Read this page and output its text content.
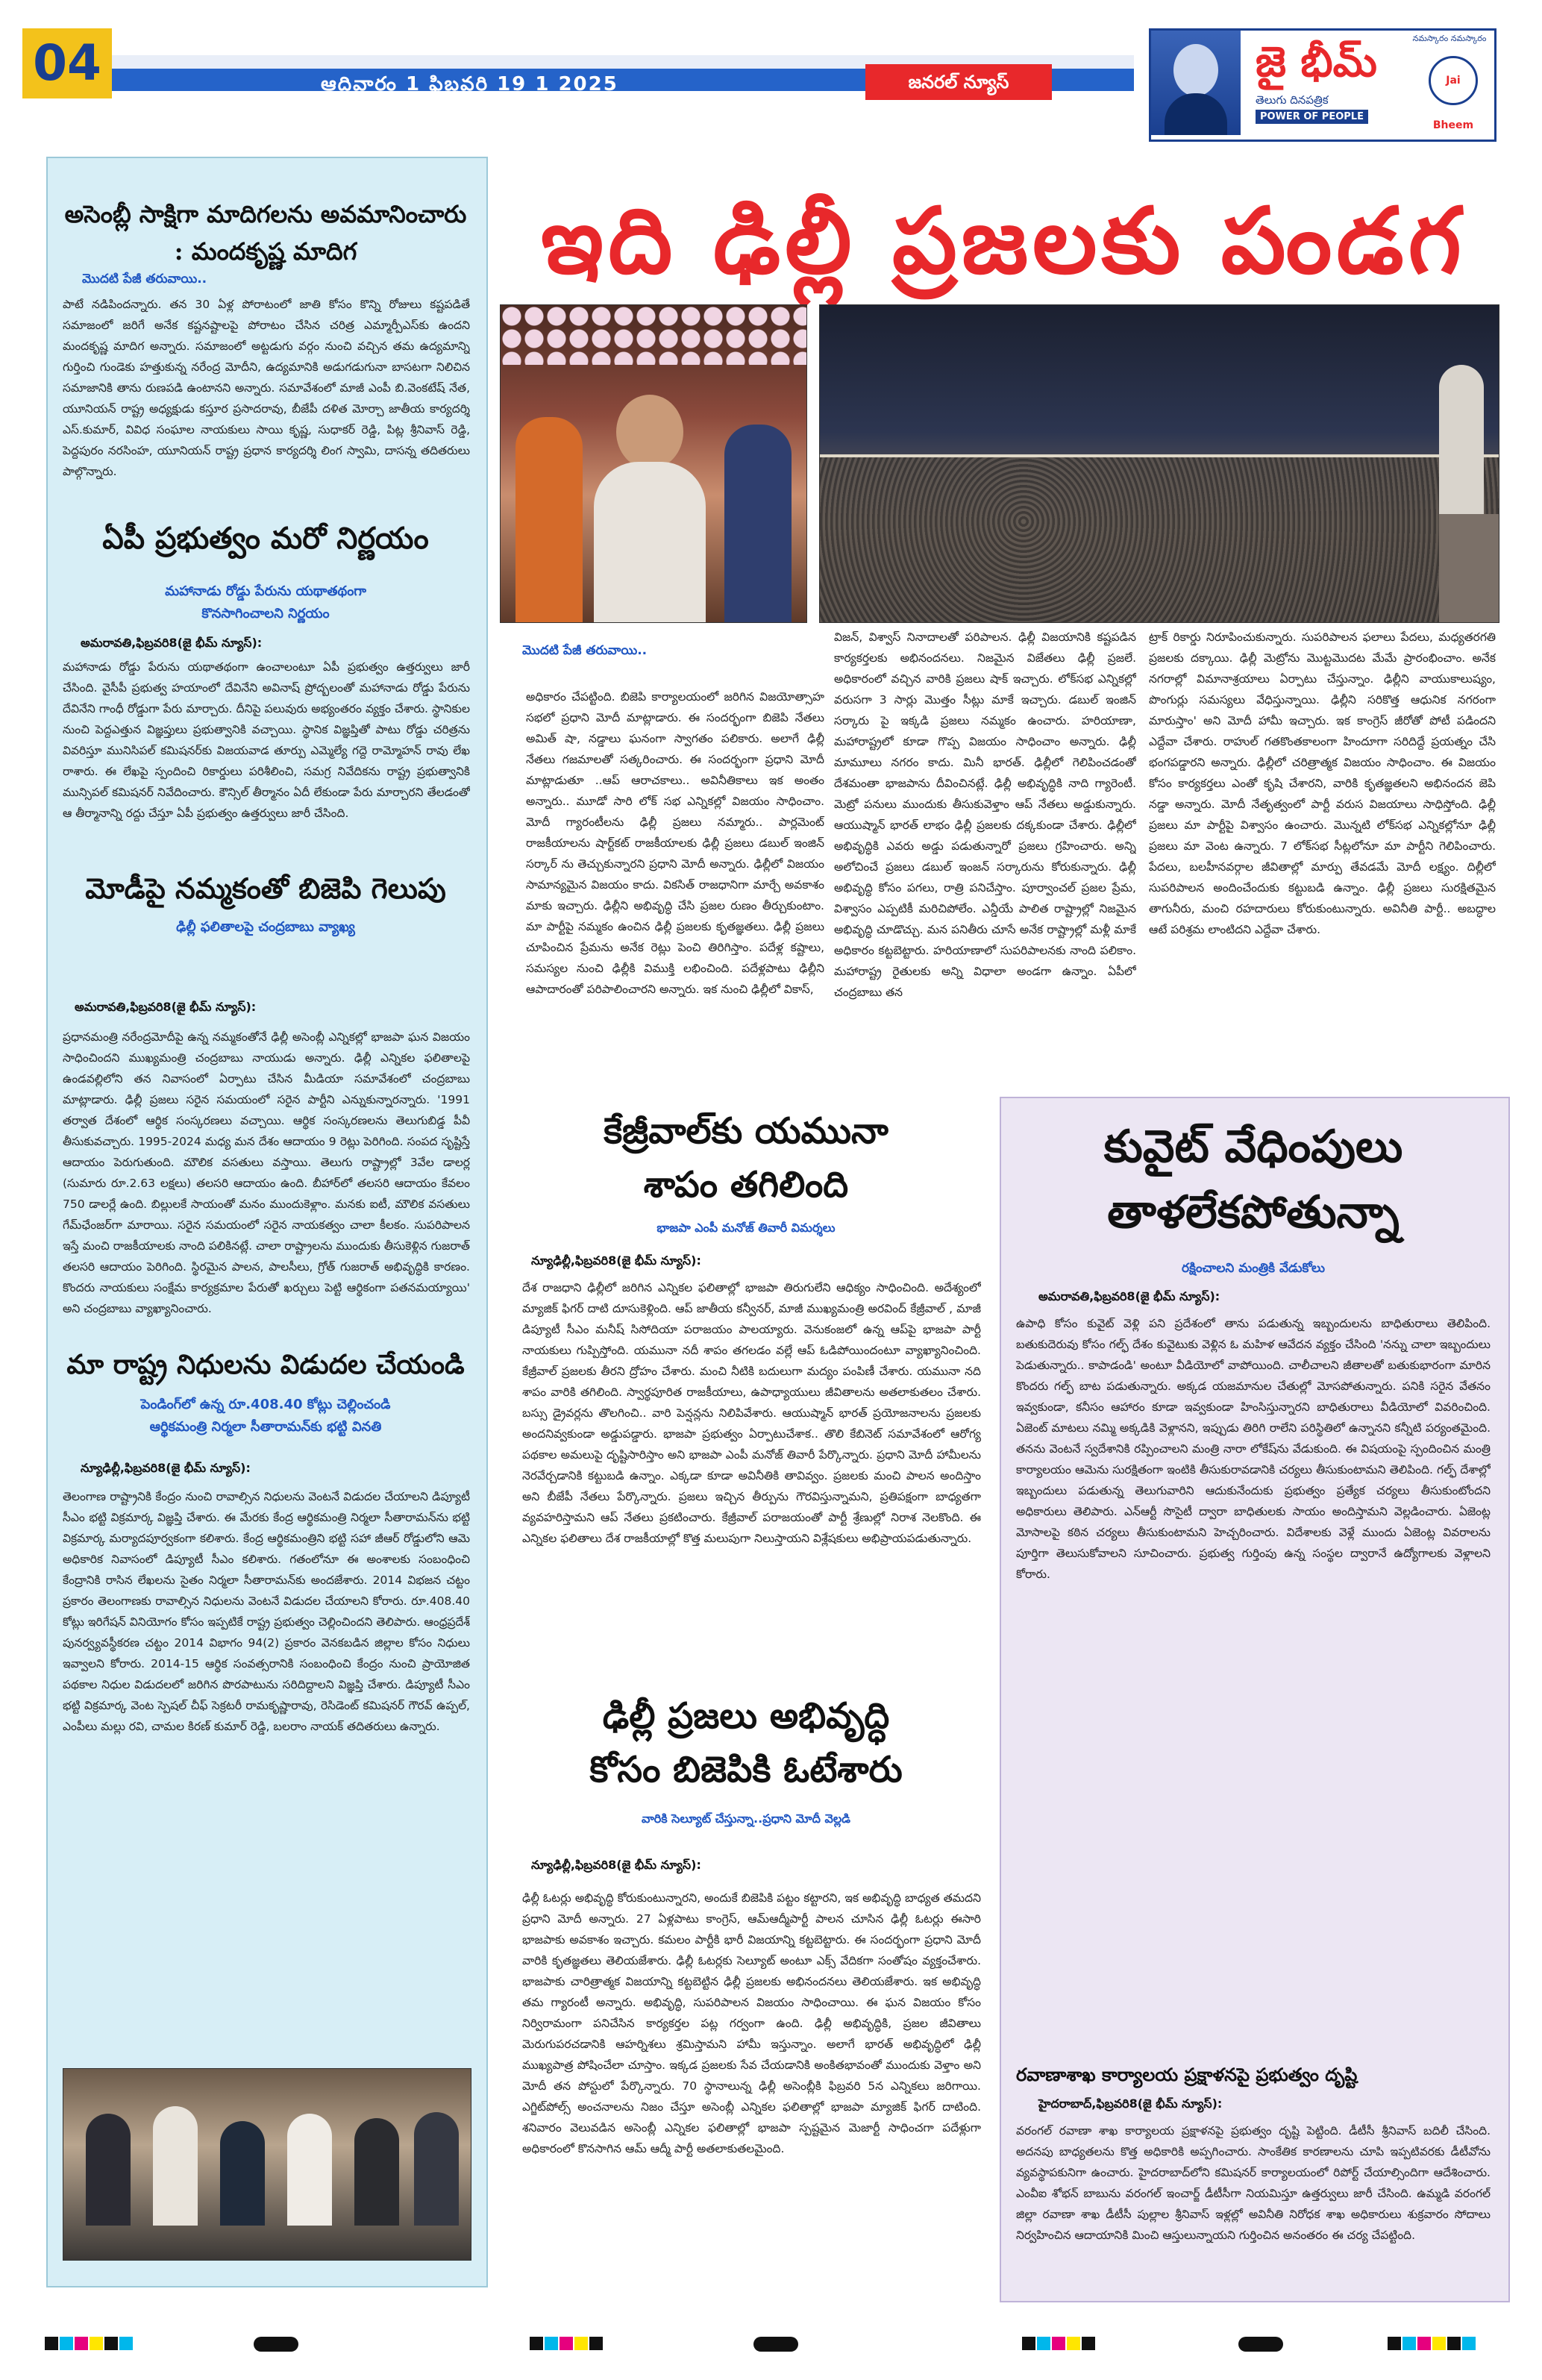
04	ఆదివారం 1 ఫిబ్రవరి 19 1 2025	జనరల్ న్యూస్	జై భీమ్
తెలుగు దినపత్రిక
POWER OF PEOPLE
నమస్కారం నమస్కారం
Jai Bheem
అసెంబ్లీ సాక్షిగా మాదిగలను అవమానించారు : మందకృష్ణ మాదిగ
మొదటి పేజీ తరువాయి..
పాటే నడిపిందన్నారు. తన 30 ఏళ్ల పోరాటంలో జాతి కోసం కొన్ని రోజులు కష్టపడితే సమాజంలో జరిగే అనేక కష్టనష్టాలపై పోరాటం చేసిన చరిత్ర ఎమ్మార్పీఎస్‌కు ఉందని మందకృష్ణ మాదిగ అన్నారు. సమాజంలో అట్టడుగు వర్గం నుంచి వచ్చిన తమ ఉద్యమాన్ని గుర్తించి గుండెకు హత్తుకున్న నరేంద్ర మోదీని, ఉద్యమానికి అడుగడుగునా బాసటగా నిలిచిన సమాజానికి తాను రుణపడి ఉంటానని అన్నారు. సమావేశంలో మాజీ ఎంపీ బి.వెంకటేష్ నేత, యూనియన్ రాష్ట్ర అధ్యక్షుడు కస్తూర ప్రసాదరావు, బీజేపీ దళిత మోర్చా జాతీయ కార్యదర్శి ఎస్.కుమార్, వివిధ సంఘాల నాయకులు సాయి కృష్ణ, సుధాకర్ రెడ్డి, పిట్ల శ్రీనివాస్ రెడ్డి, పెద్దపురం నరసింహ, యూనియన్ రాష్ట్ర ప్రధాన కార్యదర్శి లింగ స్వామి, దాసన్న తదితరులు పాల్గొన్నారు.
ఏపీ ప్రభుత్వం మరో నిర్ణయం
మహానాడు రోడ్డు పేరును యథాతథంగా
కొనసాగించాలని నిర్ణయం
అమరావతి,ఫిబ్రవరి8(జై భీమ్ న్యూస్):
మహానాడు రోడ్డు పేరును యథాతథంగా ఉంచాలంటూ ఏపీ ప్రభుత్వం ఉత్తర్వులు జారీ చేసింది. వైసీపీ ప్రభుత్వ హయాంలో దేవినేని అవినాష్ ప్రోద్బలంతో మహానాడు రోడ్డు పేరును దేవినేని గాంధీ రోడ్డుగా పేరు మార్చారు. దీనిపై పలువురు అభ్యంతరం వ్యక్తం చేశారు. స్థానికుల నుంచి పెద్దఎత్తున విజ్ఞప్తులు ప్రభుత్వానికి వచ్చాయి. స్థానిక విజ్ఞప్తితో పాటు రోడ్డు చరిత్రను వివరిస్తూ మునిసిపల్ కమిషనర్‌కు విజయవాడ తూర్పు ఎమ్మెల్యే గద్దె రామ్మోహన్ రావు లేఖ రాశారు. ఈ లేఖపై స్పందించి రికార్డులు పరిశీలించి, సమగ్ర నివేదికను రాష్ట్ర ప్రభుత్వానికి మున్సిపల్ కమిషనర్ నివేదించారు. కౌన్సిల్ తీర్మానం ఏదీ లేకుండా పేరు మార్చారని తేలడంతో ఆ తీర్మానాన్ని రద్దు చేస్తూ ఏపీ ప్రభుత్వం ఉత్తర్వులు జారీ చేసింది.
మోడీపై నమ్మకంతో బిజెపి గెలుపు
ఢిల్లీ ఫలితాలపై చంద్రబాబు వ్యాఖ్య
అమరావతి,ఫిబ్రవరి8(జై భీమ్ న్యూస్):
ప్రధానమంత్రి నరేంద్రమోదీపై ఉన్న నమ్మకంతోనే ఢిల్లీ అసెంబ్లీ ఎన్నికల్లో భాజపా ఘన విజయం సాధించిందని ముఖ్యమంత్రి చంద్రబాబు నాయుడు అన్నారు. ఢిల్లీ ఎన్నికల ఫలితాలపై ఉండవల్లిలోని తన నివాసంలో ఏర్పాటు చేసిన మీడియా సమావేశంలో చంద్రబాబు మాట్లాడారు. ఢిల్లీ ప్రజలు సరైన సమయంలో సరైన పార్టీని ఎన్నుకున్నారన్నారు. '1991 తర్వాత దేశంలో ఆర్థిక సంస్కరణలు వచ్చాయి. ఆర్థిక సంస్కరణలను తెలుగుబిడ్డ పీవీ తీసుకువచ్చారు. 1995-2024 మధ్య మన దేశం ఆదాయం 9 రెట్లు పెరిగింది. సంపద సృష్టిస్తే ఆదాయం పెరుగుతుంది. మౌలిక వసతులు వస్తాయి. తెలుగు రాష్ట్రాల్లో 3వేల డాలర్ల (సుమారు రూ.2.63 లక్షలు) తలసరి ఆదాయం ఉంది. బీహార్‌లో తలసరి ఆదాయం కేవలం 750 డాలర్లే ఉంది. బిల్లులకే సాయంతో మనం ముందుకెళ్లాం. మనకు ఐటీ, మౌలిక వసతులు గేమ్‌ఛేంజర్‌గా మారాయి. సరైన సమయంలో సరైన నాయకత్వం చాలా కీలకం. సుపరిపాలన ఇస్తే మంచి రాజకీయాలకు నాంది పలికినట్లే. చాలా రాష్ట్రాలను ముందుకు తీసుకెళ్లిన గుజరాత్ తలసరి ఆదాయం పెరిగింది. స్థిరమైన పాలన, పాలసీలు, గ్రోత్ గుజరాత్ అభివృద్ధికి కారణం. కొందరు నాయకులు సంక్షేమ కార్యక్రమాల పేరుతో ఖర్చులు పెట్టి ఆర్థికంగా పతనమయ్యాయి' అని చంద్రబాబు వ్యాఖ్యానించారు.
మా రాష్ట్ర నిధులను విడుదల చేయండి
పెండింగ్‌లో ఉన్న రూ.408.40 కోట్లు చెల్లించండి
ఆర్థికమంత్రి నిర్మలా సీతారామన్‌కు భట్టి వినతి
న్యూఢిల్లీ,ఫిబ్రవరి8(జై భీమ్ న్యూస్):
తెలంగాణ రాష్ట్రానికి కేంద్రం నుంచి రావాల్సిన నిధులను వెంటనే విడుదల చేయాలని డిప్యూటీ సీఎం భట్టి విక్రమార్క విజ్ఞప్తి చేశారు. ఈ మేరకు కేంద్ర ఆర్థికమంత్రి నిర్మలా సీతారామన్‌ను భట్టి విక్రమార్క మర్యాదపూర్వకంగా కలిశారు. కేంద్ర ఆర్థికమంత్రిని భట్టి సహా జీఆర్ రోడ్డులోని ఆమె అధికారిక నివాసంలో డిప్యూటీ సీఎం కలిశారు. గతంలోనూ ఈ అంశాలకు సంబంధించి కేంద్రానికి రాసిన లేఖలను సైతం నిర్మలా సీతారామన్‌కు అందజేశారు. 2014 విభజన చట్టం ప్రకారం తెలంగాణకు రావాల్సిన నిధులను వెంటనే విడుదల చేయాలని కోరారు. రూ.408.40 కోట్లు ఇరిగేషన్ వినియోగం కోసం ఇప్పటికే రాష్ట్ర ప్రభుత్వం చెల్లించిందని తెలిపారు. ఆంధ్రప్రదేశ్ పునర్వ్యవస్థీకరణ చట్టం 2014 విభాగం 94(2) ప్రకారం వెనకబడిన జిల్లాల కోసం నిధులు ఇవ్వాలని కోరారు. 2014-15 ఆర్థిక సంవత్సరానికి సంబంధించి కేంద్రం నుంచి ప్రాయోజిత పథకాల నిధుల విడుదలలో జరిగిన పొరపాటును సరిదిద్దాలని విజ్ఞప్తి చేశారు. డిప్యూటీ సీఎం భట్టి విక్రమార్క వెంట స్పెషల్ చీఫ్ సెక్రటరీ రామకృష్ణారావు, రెసిడెంట్ కమిషనర్ గౌరవ్ ఉప్పల్, ఎంపీలు మల్లు రవి, చామల కిరణ్ కుమార్ రెడ్డి, బలరాం నాయక్ తదితరులు ఉన్నారు.
ఇది ఢిల్లీ ప్రజలకు పండగ
మొదటి పేజీ తరువాయి..
అధికారం చేపట్టింది. బిజెపి కార్యాలయంలో జరిగిన విజయోత్సాహ సభలో ప్రధాని మోదీ మాట్లాడారు. ఈ సందర్భంగా బిజెపి నేతలు అమిత్ షా, నడ్డాలు ఘనంగా స్వాగతం పలికారు. అలాగే ఢిల్లీ నేతలు గజమాలతో సత్కరించారు. ఈ సందర్భంగా ప్రధాని మోదీ మాట్లాడుతూ ..ఆప్ ఆరాచకాలు.. అవినీతికాలు ఇక అంతం అన్నారు.. మూడో సారి లోక్ సభ ఎన్నికల్లో విజయం సాధించాం. మోదీ గ్యారంటీలను ఢిల్లీ ప్రజలు నమ్మారు.. పార్లమెంట్ రాజకీయాలను షార్ట్‌కట్ రాజకీయాలకు ఢిల్లీ ప్రజలు డబుల్ ఇంజిన్ సర్కార్ ను తెచ్చుకున్నారని ప్రధాని మోదీ అన్నారు. ఢిల్లీలో విజయం సామాన్యమైన విజయం కాదు. వికసిత్ రాజధానిగా మార్చే అవకాశం మాకు ఇచ్చారు. ఢిల్లీని అభివృద్ధి చేసి ప్రజల రుణం తీర్చుకుంటాం. మా పార్టీపై నమ్మకం ఉంచిన ఢిల్లీ ప్రజలకు కృతజ్ఞతలు. ఢిల్లీ ప్రజలు చూపించిన ప్రేమను అనేక రెట్లు పెంచి తిరిగిస్తాం. పదేళ్ల కష్టాలు, సమస్యల నుంచి ఢిల్లీకి విముక్తి లభించింది. పదేళ్లపాటు ఢిల్లీని ఆపాదారంతో పరిపాలించారని అన్నారు. ఇక నుంచి ఢిల్లీలో వికాస్,
విజన్, విశ్వాస్ నినాదాలతో పరిపాలన. ఢిల్లీ విజయానికి కష్టపడిన కార్యకర్తలకు అభినందనలు. నిజమైన విజేతలు ఢిల్లీ ప్రజలే. అధికారంలో వచ్చిన వారికి ప్రజలు షాక్ ఇచ్చారు. లోక్‌సభ ఎన్నికల్లో వరుసగా 3 సార్లు మొత్తం సీట్లు మాకే ఇచ్చారు. డబుల్ ఇంజిన్ సర్కారు పై ఇక్కడి ప్రజలు నమ్మకం ఉంచారు. హరియాణా, మహారాష్ట్రలో కూడా గొప్ప విజయం సాధించాం అన్నారు. ఢిల్లీ మామూలు నగరం కాదు. మినీ భారత్. ఢిల్లీలో గెలిపించడంతో దేశమంతా భాజపాను దీవించినట్లే. ఢిల్లీ అభివృద్ధికి నాది గ్యారెంటీ. మెట్రో పనులు ముందుకు తీసుకువెళ్తాం ఆప్ నేతలు అడ్డుకున్నారు. ఆయుష్మాన్ భారత్ లాభం ఢిల్లీ ప్రజలకు దక్కకుండా చేశారు. ఢిల్లీలో అభివృద్ధికి ఎవరు అడ్డు పడుతున్నారో ప్రజలు గ్రహించారు. అన్ని అలోచించే ప్రజలు డబుల్ ఇంజన్ సర్కారును కోరుకున్నారు. ఢిల్లీ అభివృద్ధి కోసం పగలు, రాత్రి పనిచేస్తాం. పూర్వాంచల్ ప్రజల ప్రేమ, విశ్వాసం ఎప్పటికీ మరిచిపోలేం. ఎన్డీయే పాలిత రాష్ట్రాల్లో నిజమైన అభివృద్ధి చూడొచ్చు. మన పనితీరు చూసే అనేక రాష్ట్రాల్లో మళ్లీ మాకే అధికారం కట్టబెట్టారు. హరియాణాలో సుపరిపాలనకు నాంది పలికాం. మహారాష్ట్ర రైతులకు అన్ని విధాలా అండగా ఉన్నాం. ఏపీలో చంద్రబాబు తన
ట్రాక్ రికార్డు నిరూపించుకున్నారు. సుపరిపాలన ఫలాలు పేదలు, మధ్యతరగతి ప్రజలకు దక్కాయి. ఢిల్లీ మెట్రోను మొట్టమొదట మేమే ప్రారంభించాం. అనేక నగరాల్లో విమానాశ్రయాలు ఏర్పాటు చేస్తున్నాం. ఢిల్లీని వాయుకాలుష్యం, పొంగుర్లు సమస్యలు వేధిస్తున్నాయి. ఢిల్లీని సరికొత్త ఆధునిక నగరంగా మారుస్తాం' అని మోదీ హామీ ఇచ్చారు. ఇక కాంగ్రెస్ జీరోతో పోటీ పడిందని ఎద్దేవా చేశారు. రాహుల్ గతకొంతకాలంగా హిందూగా సరిదిద్దే ప్రయత్నం చేసి భంగపడ్డారని అన్నారు. ఢిల్లీలో చరిత్రాత్మక విజయం సాధించాం. ఈ విజయం కోసం కార్యకర్తలు ఎంతో కృషి చేశారని, వారికి కృతజ్ఞతలని అభినందన జెపి నడ్డా అన్నారు. మోదీ నేతృత్వంలో పార్టీ వరుస విజయాలు సాధిస్తోంది. ఢిల్లీ ప్రజలు మా పార్టీపై విశ్వాసం ఉంచారు. మొన్నటి లోక్‌సభ ఎన్నికల్లోనూ ఢిల్లీ ప్రజలు మా వెంట ఉన్నారు. 7 లోక్‌సభ సీట్లలోనూ మా పార్టీని గెలిపించారు. పేదలు, బలహీనవర్గాల జీవితాల్లో మార్పు తేవడమే మోదీ లక్ష్యం. దిల్లీలో సుపరిపాలన అందించేందుకు కట్టుబడి ఉన్నాం. ఢిల్లీ ప్రజలు సురక్షితమైన తాగునీరు, మంచి రహదారులు కోరుకుంటున్నారు. అవినీతి పార్టీ.. అబద్ధాల ఆటే పరిశ్రమ లాంటిదని ఎద్దేవా చేశారు.
కేజ్రీవాల్‌కు యమునా
శాపం తగిలింది
భాజపా ఎంపీ మనోజ్ తివారీ విమర్శలు
న్యూఢిల్లీ,ఫిబ్రవరి8(జై భీమ్ న్యూస్):
దేశ రాజధాని ఢిల్లీలో జరిగిన ఎన్నికల ఫలితాల్లో భాజపా తిరుగులేని ఆధిక్యం సాధించింది. అదేశ్యంలో మ్యాజిక్ ఫిగర్ దాటి దూసుకెళ్లింది. ఆప్ జాతీయ కన్వీనర్, మాజీ ముఖ్యమంత్రి అరవింద్ కేజ్రీవాల్ , మాజీ డిప్యూటీ సీఎం మనీష్ సిసోదియా పరాజయం పాలయ్యారు. వెనుకంజలో ఉన్న ఆప్‌పై భాజపా పార్టీ నాయకులు గుప్పిస్తోంది. యమునా నదీ శాపం తగలడం వల్లే ఆప్ ఓడిపోయిందంటూ వ్యాఖ్యానించింది. కేజ్రీవాల్ ప్రజలకు తీరని ద్రోహం చేశారు. మంచి నీటికి బదులుగా మద్యం పంపిణీ చేశారు. యమునా నది శాపం వారికి తగిలింది. స్వార్థపూరిత రాజకీయాలు, ఉపాధ్యాయులు జీవితాలను అతలాకుతలం చేశారు. బస్సు డ్రైవర్లను తొలగించి.. వారి పెన్షన్లను నిలిపివేశారు. ఆయుష్మాన్ భారత్ ప్రయోజనాలను ప్రజలకు అందనివ్వకుండా అడ్డుపడ్డారు. భాజపా ప్రభుత్వం ఏర్పాటుచేశాక.. తొలి కేబినెట్ సమావేశంలో ఆరోగ్య పథకాల అమలుపై దృష్టిసారిస్తాం అని భాజపా ఎంపీ మనోజ్ తివారీ పేర్కొన్నారు. ప్రధాని మోదీ హామీలను నెరవేర్చడానికి కట్టుబడి ఉన్నాం. ఎక్కడా కూడా అవినీతికి తావివ్వం. ప్రజలకు మంచి పాలన అందిస్తాం అని బీజేపీ నేతలు పేర్కొన్నారు. ప్రజలు ఇచ్చిన తీర్పును గౌరవిస్తున్నామని, ప్రతిపక్షంగా బాధ్యతగా వ్యవహరిస్తామని ఆప్ నేతలు ప్రకటించారు. కేజ్రీవాల్ పరాజయంతో పార్టీ శ్రేణుల్లో నిరాశ నెలకొంది. ఈ ఎన్నికల ఫలితాలు దేశ రాజకీయాల్లో కొత్త మలుపుగా నిలుస్తాయని విశ్లేషకులు అభిప్రాయపడుతున్నారు.
ఢిల్లీ ప్రజలు అభివృద్ధి
కోసం బిజెపికి ఓటేశారు
వారికి సెల్యూట్ చేస్తున్నా..ప్రధాని మోదీ వెల్లడి
న్యూఢిల్లీ,ఫిబ్రవరి8(జై భీమ్ న్యూస్):
ఢిల్లీ ఓటర్లు అభివృద్ధి కోరుకుంటున్నారని, అందుకే బిజెపికి పట్టం కట్టారని, ఇక అభివృద్ధి బాధ్యత తమదని ప్రధాని మోదీ అన్నారు. 27 ఏళ్లపాటు కాంగ్రెస్, ఆమ్‌ఆద్మీపార్టీ పాలన చూసిన ఢిల్లీ ఓటర్లు ఈసారి భాజపాకు అవకాశం ఇచ్చారు. కమలం పార్టీకి భారీ విజయాన్ని కట్టబెట్టారు. ఈ సందర్భంగా ప్రధాని మోదీ వారికి కృతజ్ఞతలు తెలియజేశారు. ఢిల్లీ ఓటర్లకు సెల్యూట్ అంటూ ఎక్స్ వేదికగా సంతోషం వ్యక్తంచేశారు. భాజపాకు చారిత్రాత్మక విజయాన్ని కట్టబెట్టిన ఢిల్లీ ప్రజలకు అభినందనలు తెలియజేశారు. ఇక అభివృద్ధి తమ గ్యారంటీ అన్నారు. అభివృద్ధి, సుపరిపాలన విజయం సాధించాయి. ఈ ఘన విజయం కోసం నిర్విరామంగా పనిచేసిన కార్యకర్తల పట్ల గర్వంగా ఉంది. ఢిల్లీ అభివృద్ధికి, ప్రజల జీవితాలు మెరుగుపరచడానికి ఆహర్నిశలు శ్రమిస్తామని హామీ ఇస్తున్నాం. అలాగే భారత్ అభివృద్ధిలో ఢిల్లీ ముఖ్యపాత్ర పోషించేలా చూస్తాం. ఇక్కడ ప్రజలకు సేవ చేయడానికి అంకితభావంతో ముందుకు వెళ్తాం అని మోదీ తన పోస్టులో పేర్కొన్నారు. 70 స్థానాలున్న ఢిల్లీ అసెంబ్లీకి ఫిబ్రవరి 5న ఎన్నికలు జరిగాయి. ఎగ్జిట్‌పోల్స్ అంచనాలను నిజం చేస్తూ అసెంబ్లీ ఎన్నికల ఫలితాల్లో భాజపా మ్యాజిక్ ఫిగర్ దాటింది. శనివారం వెలువడిన అసెంబ్లీ ఎన్నికల ఫలితాల్లో భాజపా స్పష్టమైన మెజార్టీ సాధించగా పదేళ్లుగా అధికారంలో కొనసాగిన ఆమ్ ఆద్మీ పార్టీ అతలాకుతలమైంది.
కువైట్ వేధింపులు
తాళలేకపోతున్నా
రక్షించాలని మంత్రికి వేడుకోలు
అమరావతి,ఫిబ్రవరి8(జై భీమ్ న్యూస్):
ఉపాధి కోసం కువైట్ వెళ్లి పని ప్రదేశంలో తాను పడుతున్న ఇబ్బందులను బాధితురాలు తెలిపింది. బతుకుదెరువు కోసం గల్ఫ్ దేశం కువైటుకు వెళ్లిన ఓ మహిళ ఆవేదన వ్యక్తం చేసింది 'నన్ను చాలా ఇబ్బందులు పెడుతున్నారు.. కాపాడండి' అంటూ వీడియోలో వాపోయింది. చాలీచాలని జీతాలతో బతుకుభారంగా మారిన కొందరు గల్ఫ్ బాట పడుతున్నారు. అక్కడ యజమానుల చేతుల్లో మోసపోతున్నారు. పనికి సరైన వేతనం ఇవ్వకుండా, కనీసం ఆహారం కూడా ఇవ్వకుండా హింసిస్తున్నారని బాధితురాలు వీడియోలో వివరించింది. ఏజెంట్ మాటలు నమ్మి అక్కడికి వెళ్లానని, ఇప్పుడు తిరిగి రాలేని పరిస్థితిలో ఉన్నానని కన్నీటి పర్యంతమైంది. తనను వెంటనే స్వదేశానికి రప్పించాలని మంత్రి నారా లోకేష్‌ను వేడుకుంది. ఈ విషయంపై స్పందించిన మంత్రి కార్యాలయం ఆమెను సురక్షితంగా ఇంటికి తీసుకురావడానికి చర్యలు తీసుకుంటామని తెలిపింది. గల్ఫ్ దేశాల్లో ఇబ్బందులు పడుతున్న తెలుగువారిని ఆదుకునేందుకు ప్రభుత్వం ప్రత్యేక చర్యలు తీసుకుంటోందని అధికారులు తెలిపారు. ఎన్ఆర్టీ సొసైటీ ద్వారా బాధితులకు సాయం అందిస్తామని వెల్లడించారు. ఏజెంట్ల మోసాలపై కఠిన చర్యలు తీసుకుంటామని హెచ్చరించారు. విదేశాలకు వెళ్లే ముందు ఏజెంట్ల వివరాలను పూర్తిగా తెలుసుకోవాలని సూచించారు. ప్రభుత్వ గుర్తింపు ఉన్న సంస్థల ద్వారానే ఉద్యోగాలకు వెళ్లాలని కోరారు.
రవాణాశాఖ కార్యాలయ ప్రక్షాళనపై ప్రభుత్వం దృష్టి
హైదరాబాద్,ఫిబ్రవరి8(జై భీమ్ న్యూస్):
వరంగల్ రవాణా శాఖ కార్యాలయ ప్రక్షాళనపై ప్రభుత్వం దృష్టి పెట్టింది. డీటీసీ శ్రీనివాస్ బదిలీ చేసింది. అదనపు బాధ్యతలను కొత్త అధికారికి అప్పగించారు. సాంకేతిక కారణాలను చూపి ఇప్పటివరకు డీటీవోను వ్యవస్థాపకునిగా ఉంచారు. హైదరాబాద్‌లోని కమిషనర్ కార్యాలయంలో రిపోర్ట్ చేయాల్సిందిగా ఆదేశించారు. ఎంవీఐ శోభన్ బాబును వరంగల్ ఇంచార్జ్ డీటీసీగా నియమిస్తూ ఉత్తర్వులు జారీ చేసింది. ఉమ్మడి వరంగల్ జిల్లా రవాణా శాఖ డీటీసీ పుల్లాల శ్రీనివాస్ ఇళ్లల్లో అవినీతి నిరోధక శాఖ అధికారులు శుక్రవారం సోదాలు నిర్వహించిన ఆదాయానికి మించి ఆస్తులున్నాయని గుర్తించిన అనంతరం ఈ చర్య చేపట్టింది.
